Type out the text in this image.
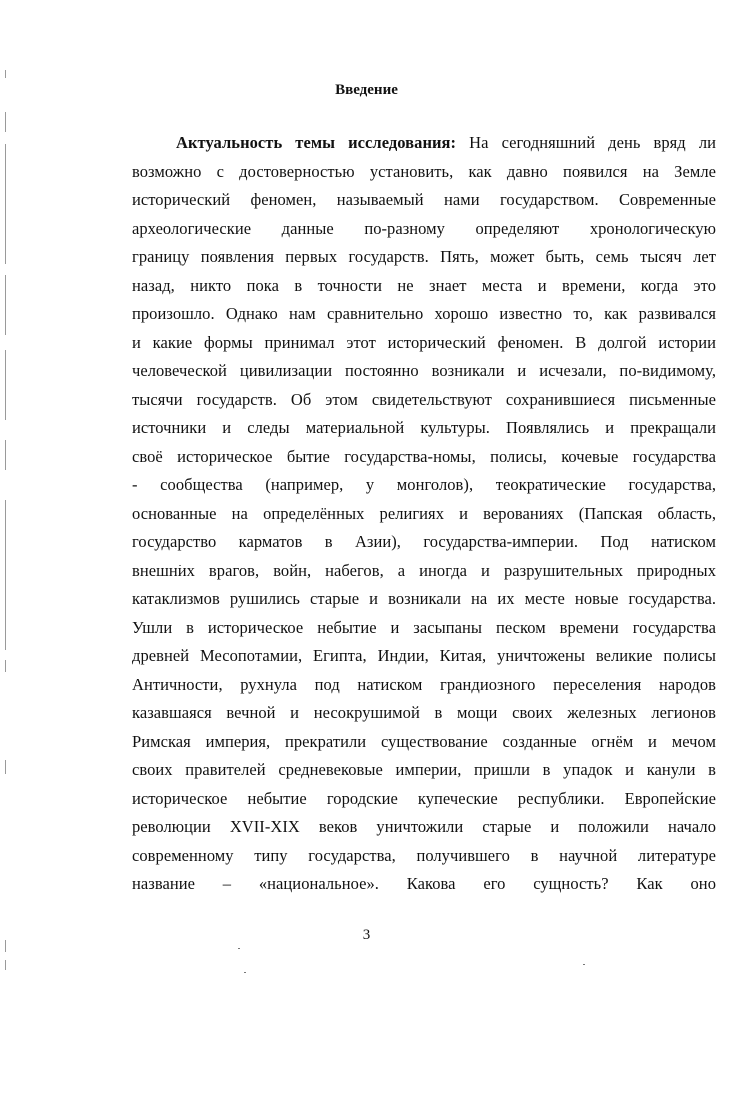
Введение
Актуальность темы исследования: На сегодняшний день вряд ли
возможно с достоверностью установить, как давно появился на Земле
исторический феномен, называемый нами государством. Современные
археологические данные по-разному определяют хронологическую
границу появления первых государств. Пять, может быть, семь тысяч лет
назад, никто пока в точности не знает места и времени, когда это
произошло. Однако нам сравнительно хорошо известно то, как развивался
и какие формы принимал этот исторический феномен. В долгой истории
человеческой цивилизации постоянно возникали и исчезали, по-видимому,
тысячи государств. Об этом свидетельствуют сохранившиеся письменные
источники и следы материальной культуры. Появлялись и прекращали
своё историческое бытие государства-номы, полисы, кочевые государства
- сообщества (например, у монголов), теократические государства,
основанные на определённых религиях и верованиях (Папская область,
государство карматов в Азии), государства-империи. Под натиском
внешних врагов, войн, набегов, а иногда и разрушительных природных
катаклизмов рушились старые и возникали на их месте новые государства.
Ушли в историческое небытие и засыпаны песком времени государства
древней Месопотамии, Египта, Индии, Китая, уничтожены великие полисы
Античности, рухнула под натиском грандиозного переселения народов
казавшаяся вечной и несокрушимой в мощи своих железных легионов
Римская империя, прекратили существование созданные огнём и мечом
своих правителей средневековые империи, пришли в упадок и канули в
историческое небытие городские купеческие республики. Европейские
революции XVII-XIX веков уничтожили старые и положили начало
современному типу государства, получившего в научной литературе
название – «национальное». Какова его сущность? Как оно
3
